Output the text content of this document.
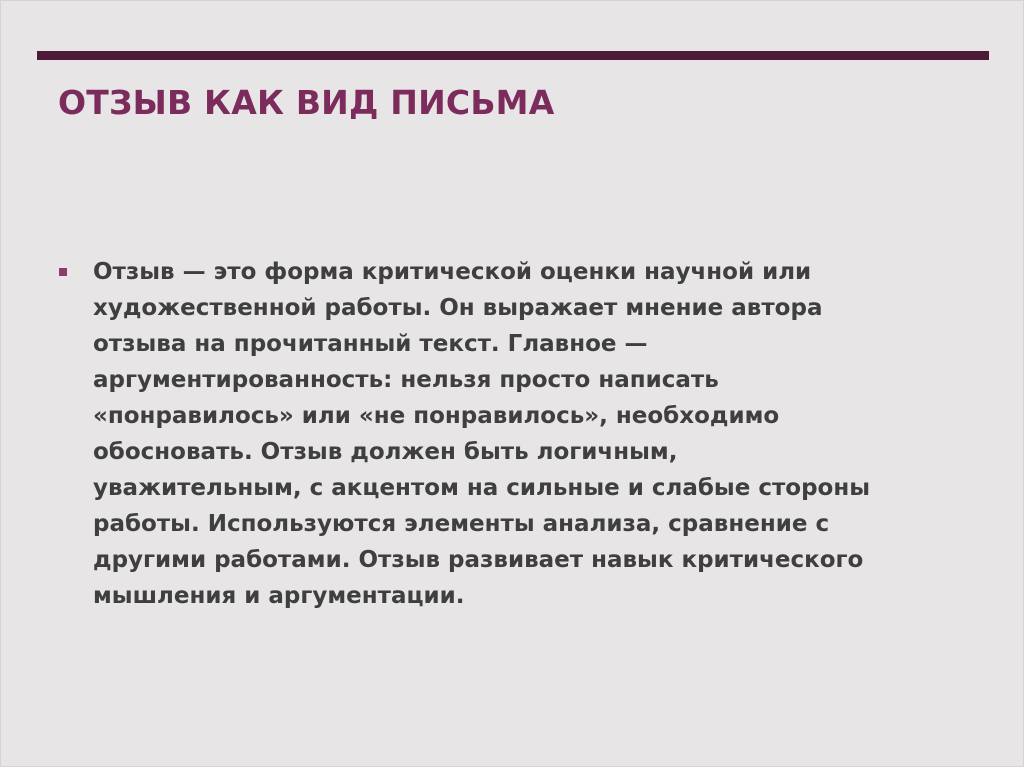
ОТЗЫВ КАК ВИД ПИСЬМА
Отзыв — это форма критической оценки научной или
художественной работы. Он выражает мнение автора
отзыва на прочитанный текст. Главное —
аргументированность: нельзя просто написать
«понравилось» или «не понравилось», необходимо
обосновать. Отзыв должен быть логичным,
уважительным, с акцентом на сильные и слабые стороны
работы. Используются элементы анализа, сравнение с
другими работами. Отзыв развивает навык критического
мышления и аргументации.
